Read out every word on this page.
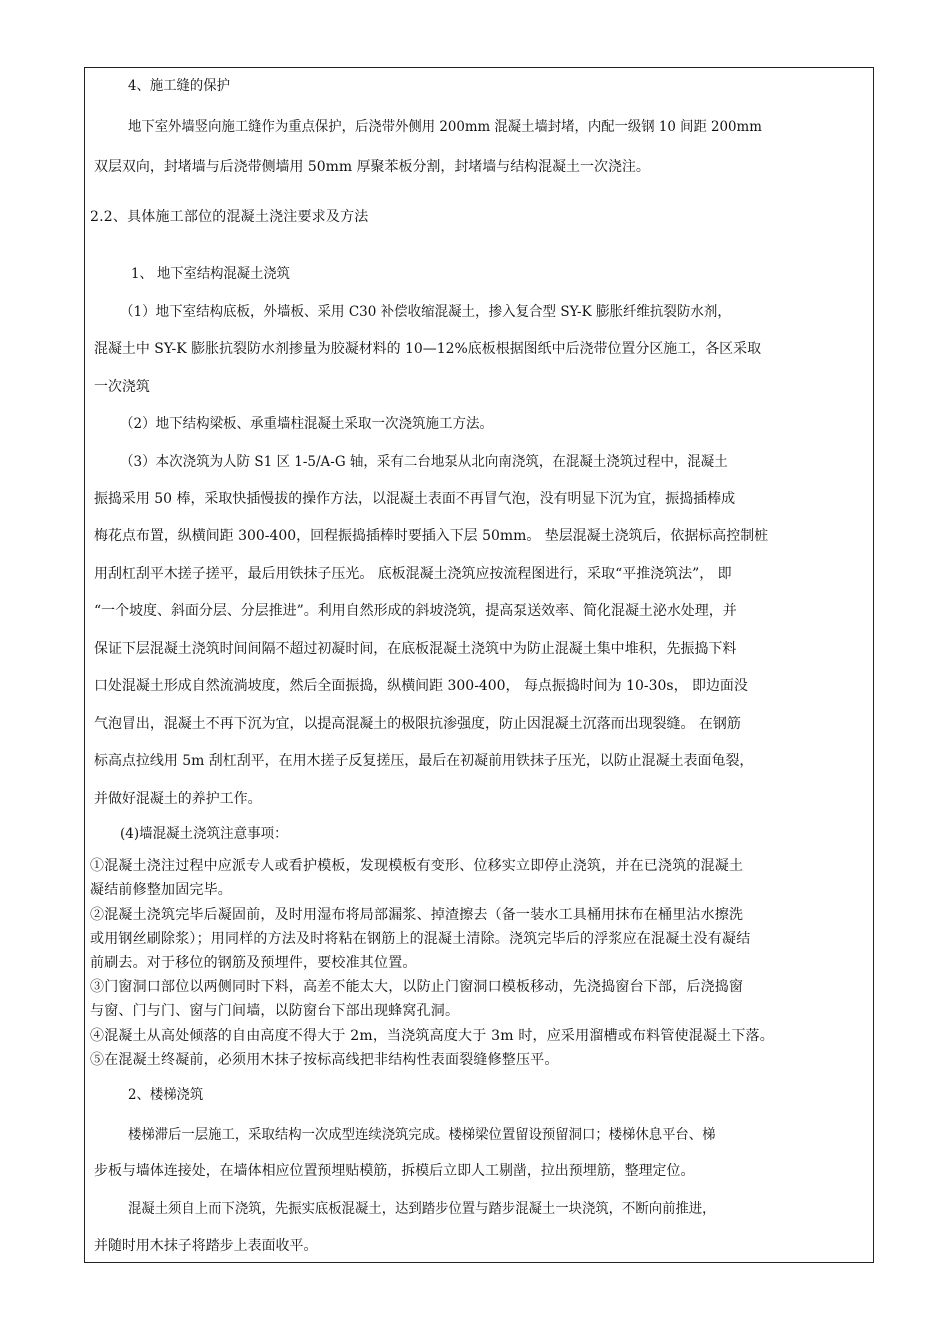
4、施工缝的保护
地下室外墙竖向施工缝作为重点保护，后浇带外侧用 200mm 混凝土墙封堵，内配一级钢 10 间距 200mm
双层双向，封堵墙与后浇带侧墙用 50mm 厚聚苯板分割，封堵墙与结构混凝土一次浇注。
2.2、具体施工部位的混凝土浇注要求及方法
1、 地下室结构混凝土浇筑
（1）地下室结构底板，外墙板、采用 C30 补偿收缩混凝土，掺入复合型 SY-K 膨胀纤维抗裂防水剂，
混凝土中 SY-K 膨胀抗裂防水剂掺量为胶凝材料的 10—12%底板根据图纸中后浇带位置分区施工，各区采取
一次浇筑
（2）地下结构梁板、承重墙柱混凝土采取一次浇筑施工方法。
（3）本次浇筑为人防 S1 区 1-5/A-G 轴，采有二台地泵从北向南浇筑，在混凝土浇筑过程中，混凝土
振捣采用 50 棒，采取快插慢拔的操作方法，以混凝土表面不再冒气泡，没有明显下沉为宜，振捣插棒成
梅花点布置，纵横间距 300-400，回程振捣插棒时要插入下层 50mm。 垫层混凝土浇筑后，依据标高控制桩
用刮杠刮平木搓子搓平，最后用铁抹子压光。 底板混凝土浇筑应按流程图进行，采取“平推浇筑法”， 即
“一个坡度、斜面分层、分层推进”。利用自然形成的斜坡浇筑，提高泵送效率、简化混凝土泌水处理，并
保证下层混凝土浇筑时间间隔不超过初凝时间，在底板混凝土浇筑中为防止混凝土集中堆积，先振捣下料
口处混凝土形成自然流淌坡度，然后全面振捣，纵横间距 300-400， 每点振捣时间为 10-30s， 即边面没
气泡冒出，混凝土不再下沉为宜，以提高混凝土的极限抗渗强度，防止因混凝土沉落而出现裂缝。 在钢筋
标高点拉线用 5m 刮杠刮平，在用木搓子反复搓压，最后在初凝前用铁抹子压光，以防止混凝土表面龟裂，
并做好混凝土的养护工作。
(4)墙混凝土浇筑注意事项：
①混凝土浇注过程中应派专人或看护模板，发现模板有变形、位移实立即停止浇筑，并在已浇筑的混凝土
凝结前修整加固完毕。
②混凝土浇筑完毕后凝固前，及时用湿布将局部漏浆、掉渣擦去（备一装水工具桶用抹布在桶里沾水擦洗
或用钢丝刷除浆）；用同样的方法及时将粘在钢筋上的混凝土清除。浇筑完毕后的浮浆应在混凝土没有凝结
前刷去。对于移位的钢筋及预埋件，要校准其位置。
③门窗洞口部位以两侧同时下料，高差不能太大，以防止门窗洞口模板移动，先浇捣窗台下部，后浇捣窗
与窗、门与门、窗与门间墙，以防窗台下部出现蜂窝孔洞。
④混凝土从高处倾落的自由高度不得大于 2m，当浇筑高度大于 3m 时，应采用溜槽或布料管使混凝土下落。
⑤在混凝土终凝前，必须用木抹子按标高线把非结构性表面裂缝修整压平。
2、楼梯浇筑
楼梯滞后一层施工，采取结构一次成型连续浇筑完成。楼梯梁位置留设预留洞口；楼梯休息平台、梯
步板与墙体连接处，在墙体相应位置预埋贴模筋，拆模后立即人工剔凿，拉出预埋筋，整理定位。
混凝土须自上而下浇筑，先振实底板混凝土，达到踏步位置与踏步混凝土一块浇筑，不断向前推进，
并随时用木抹子将踏步上表面收平。
